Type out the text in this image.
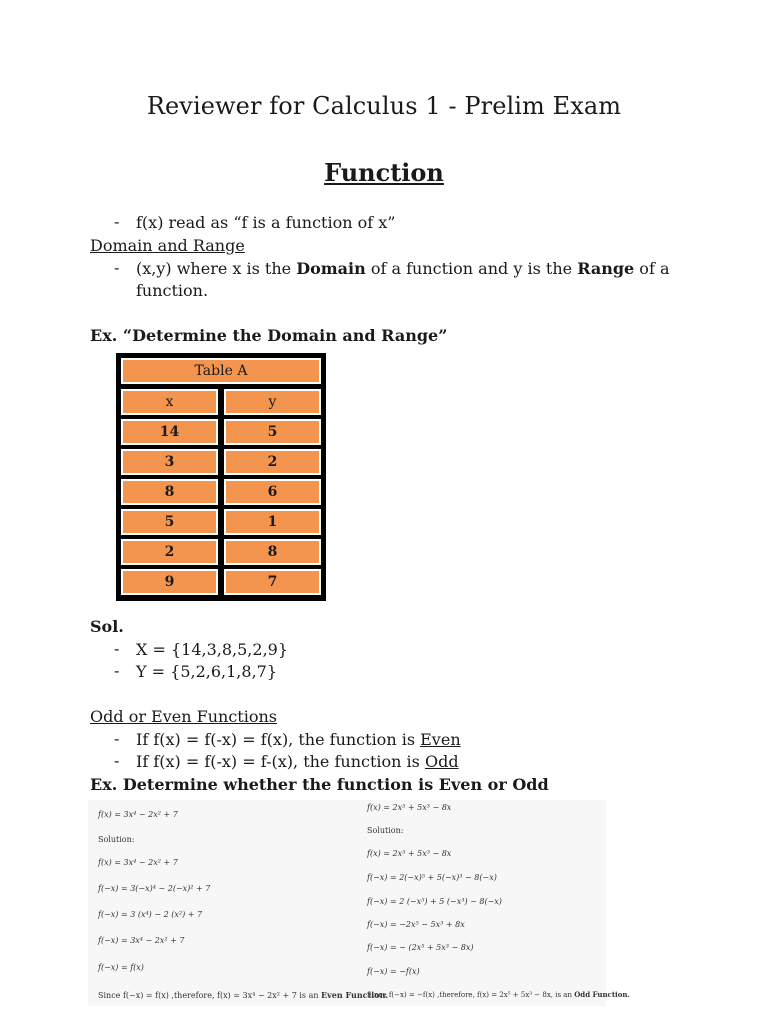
Reviewer for Calculus 1 - Prelim Exam
Function
- f(x) read as “f is a function of x”
Domain and Range
- (x,y) where x is the Domain of a function and y is the Range of a
function.
Ex. “Determine the Domain and Range”
Table A
x	y
14	5
3	2
8	6
5	1
2	8
9	7
Sol.
- X = {14,3,8,5,2,9}
- Y = {5,2,6,1,8,7}
Odd or Even Functions
- If f(x) = f(-x) = f(x), the function is Even
- If f(x) = f(-x) = f-(x), the function is Odd
Ex. Determine whether the function is Even or Odd
f(x) = 3x⁴ − 2x² + 7
Solution:
f(x) = 3x⁴ − 2x² + 7
f(−x) = 3(−x)⁴ − 2(−x)² + 7
f(−x) = 3 (x⁴) − 2 (x²) + 7
f(−x) = 3x⁴ − 2x² + 7
f(−x) = f(x)
Since f(−x) = f(x) ,therefore, f(x) = 3x⁴ − 2x² + 7 is an Even Function.
f(x) = 2x⁵ + 5x³ − 8x
Solution:
f(x) = 2x⁵ + 5x³ − 8x
f(−x) = 2(−x)⁵ + 5(−x)³ − 8(−x)
f(−x) = 2 (−x⁵) + 5 (−x³) − 8(−x)
f(−x) = −2x⁵ − 5x³ + 8x
f(−x) = − (2x⁵ + 5x³ − 8x)
f(−x) = −f(x)
Since f(−x) = −f(x) ,therefore, f(x) = 2x⁵ + 5x³ − 8x, is an Odd Function.
